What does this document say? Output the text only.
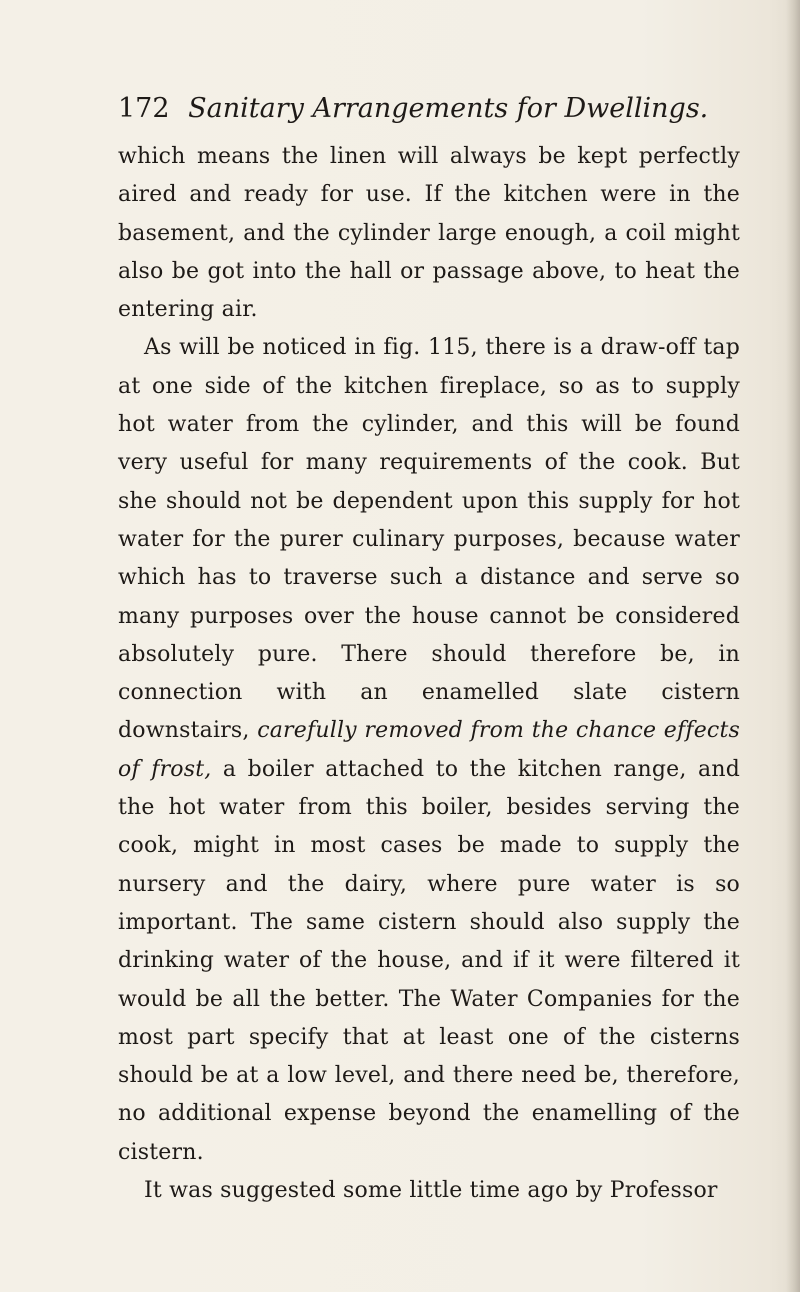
172 Sanitary Arrangements for Dwellings.

which means the linen will always be kept perfectly aired and ready for use. If the kitchen were in the basement, and the cylinder large enough, a coil might also be got into the hall or passage above, to heat the entering air.

As will be noticed in fig. 115, there is a draw-off tap at one side of the kitchen fireplace, so as to supply hot water from the cylinder, and this will be found very useful for many requirements of the cook. But she should not be dependent upon this supply for hot water for the purer culinary purposes, because water which has to traverse such a distance and serve so many purposes over the house cannot be considered absolutely pure. There should therefore be, in connection with an enamelled slate cistern downstairs, carefully removed from the chance effects of frost, a boiler attached to the kitchen range, and the hot water from this boiler, besides serving the cook, might in most cases be made to supply the nursery and the dairy, where pure water is so important. The same cistern should also supply the drinking water of the house, and if it were filtered it would be all the better. The Water Companies for the most part specify that at least one of the cisterns should be at a low level, and there need be, therefore, no additional expense beyond the enamelling of the cistern.

It was suggested some little time ago by Professor
